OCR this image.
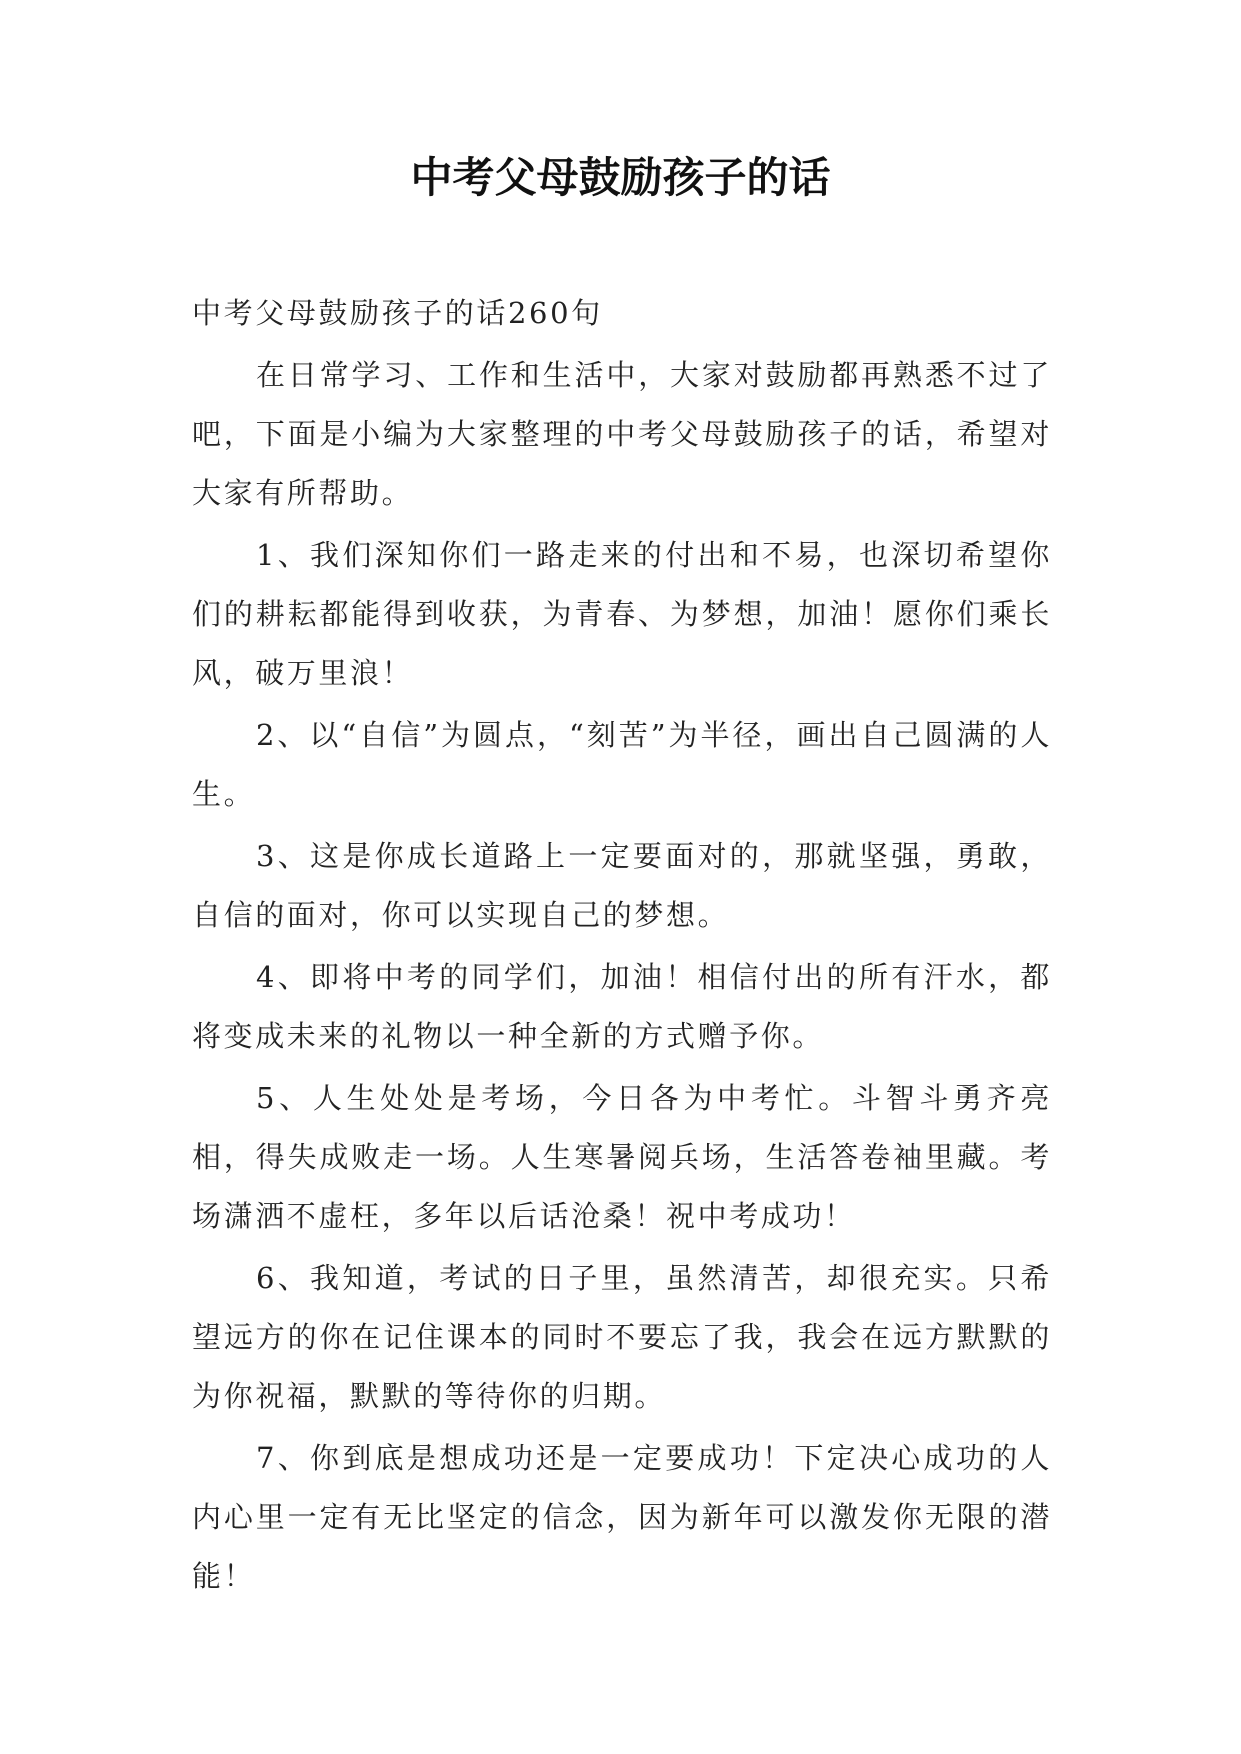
中考父母鼓励孩子的话

中考父母鼓励孩子的话260句

在日常学习、工作和生活中，大家对鼓励都再熟悉不过了吧，下面是小编为大家整理的中考父母鼓励孩子的话，希望对大家有所帮助。

1、我们深知你们一路走来的付出和不易，也深切希望你们的耕耘都能得到收获，为青春、为梦想，加油！愿你们乘长风，破万里浪！

2、以“自信”为圆点，“刻苦”为半径，画出自己圆满的人生。

3、这是你成长道路上一定要面对的，那就坚强，勇敢，自信的面对，你可以实现自己的梦想。

4、即将中考的同学们，加油！相信付出的所有汗水，都将变成未来的礼物以一种全新的方式赠予你。

5、人生处处是考场，今日各为中考忙。斗智斗勇齐亮相，得失成败走一场。人生寒暑阅兵场，生活答卷袖里藏。考场潇洒不虚枉，多年以后话沧桑！祝中考成功！

6、我知道，考试的日子里，虽然清苦，却很充实。只希望远方的你在记住课本的同时不要忘了我，我会在远方默默的为你祝福，默默的等待你的归期。

7、你到底是想成功还是一定要成功！下定决心成功的人内心里一定有无比坚定的信念，因为新年可以激发你无限的潜能！
